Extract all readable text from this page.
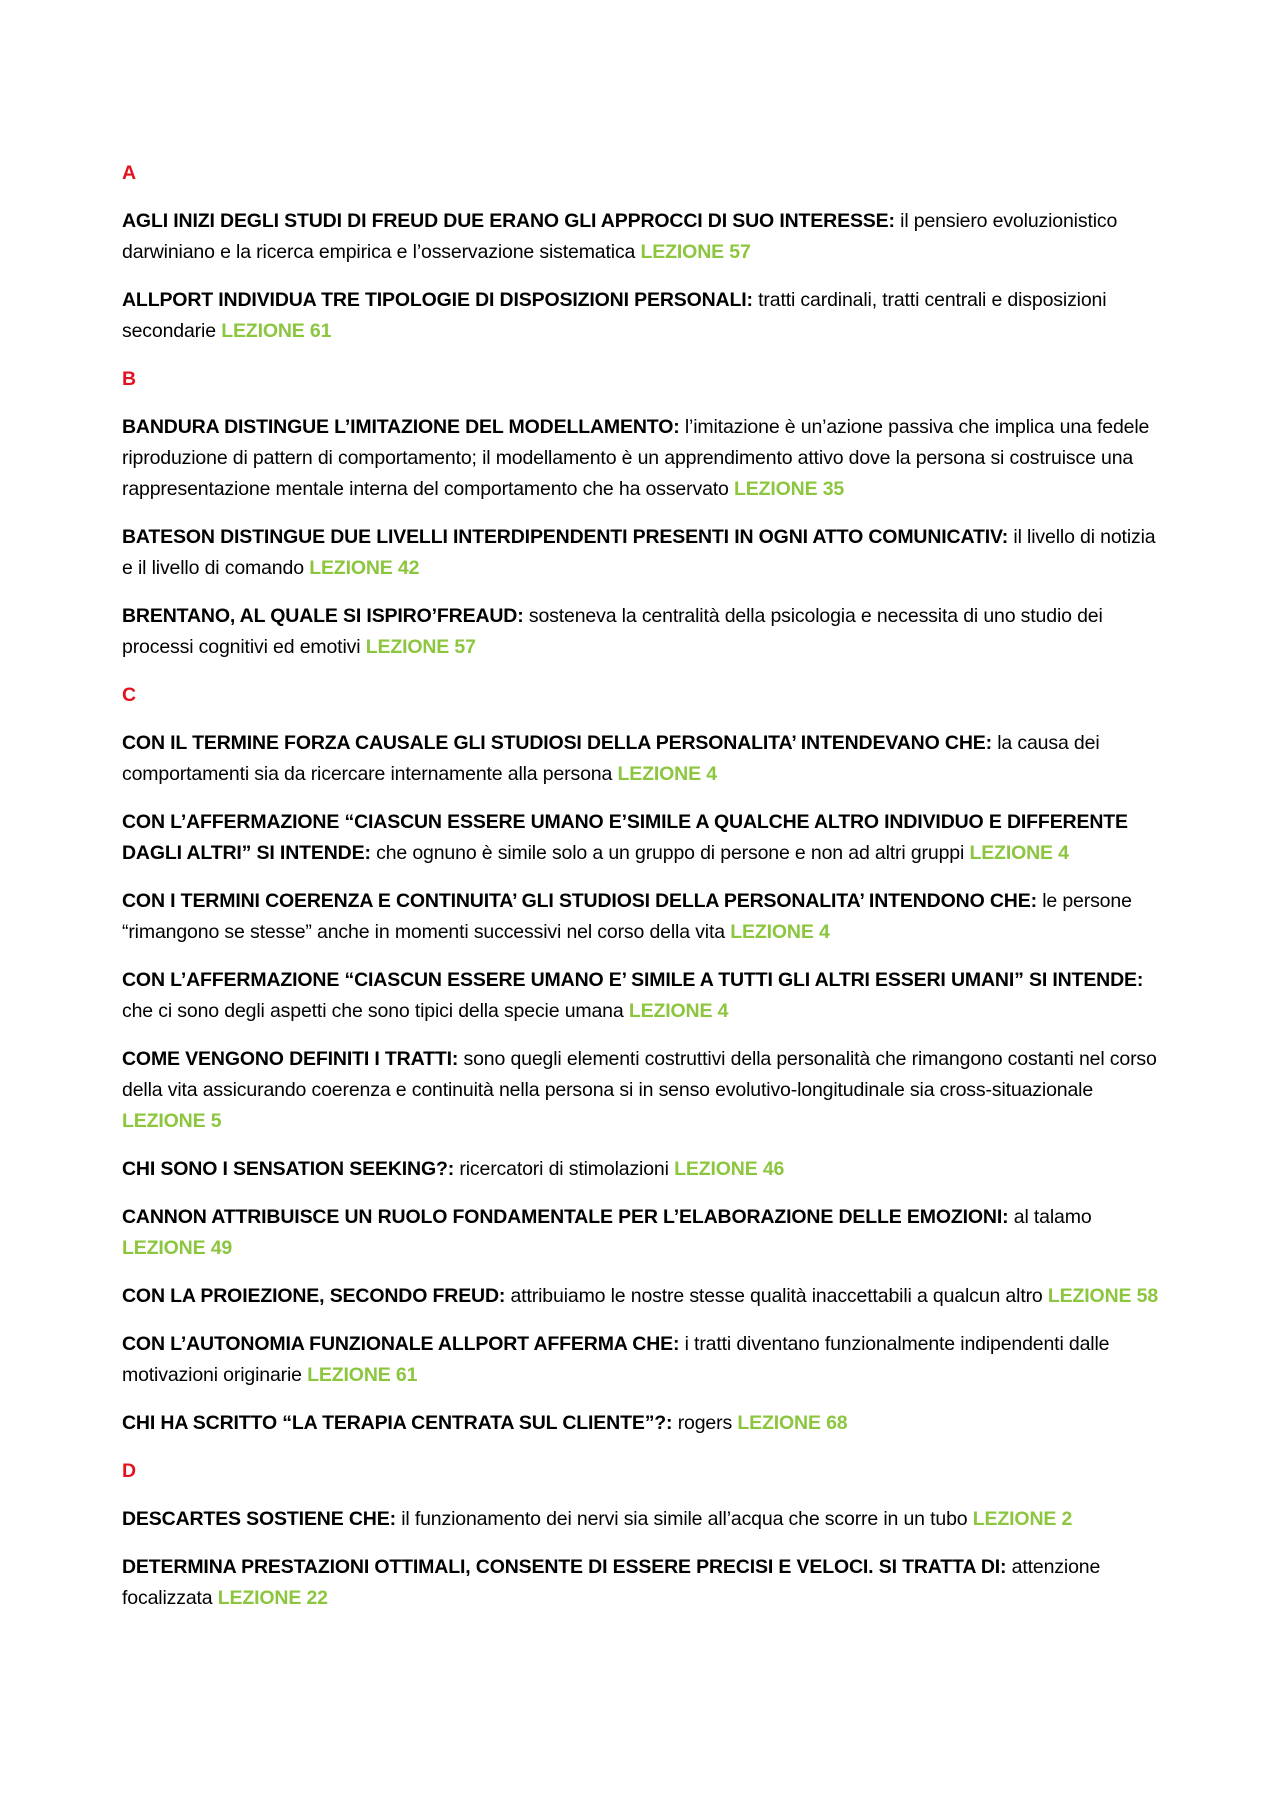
A
AGLI INIZI DEGLI STUDI DI FREUD DUE ERANO GLI APPROCCI DI SUO INTERESSE: il pensiero evoluzionistico darwiniano e la ricerca empirica e l’osservazione sistematica LEZIONE 57
ALLPORT INDIVIDUA TRE TIPOLOGIE DI DISPOSIZIONI PERSONALI: tratti cardinali, tratti centrali e disposizioni secondarie LEZIONE 61
B
BANDURA DISTINGUE L’IMITAZIONE DEL MODELLAMENTO: l’imitazione è un’azione passiva che implica una fedele riproduzione di pattern di comportamento; il modellamento è un apprendimento attivo dove la persona si costruisce una rappresentazione mentale interna del comportamento che ha osservato LEZIONE 35
BATESON DISTINGUE DUE LIVELLI INTERDIPENDENTI PRESENTI IN OGNI ATTO COMUNICATIV: il livello di notizia e il livello di comando LEZIONE 42
BRENTANO, AL QUALE SI ISPIRO’FREAUD: sosteneva la centralità della psicologia e necessita di uno studio dei processi cognitivi ed emotivi LEZIONE 57
C
CON IL TERMINE FORZA CAUSALE GLI STUDIOSI DELLA PERSONALITA’ INTENDEVANO CHE: la causa dei comportamenti sia da ricercare internamente alla persona LEZIONE 4
CON L’AFFERMAZIONE “CIASCUN ESSERE UMANO E’SIMILE A QUALCHE ALTRO INDIVIDUO E DIFFERENTE DAGLI ALTRI” SI INTENDE: che ognuno è simile solo a un gruppo di persone e non ad altri gruppi LEZIONE 4
CON I TERMINI COERENZA E CONTINUITA’ GLI STUDIOSI DELLA PERSONALITA’ INTENDONO CHE: le persone “rimangono se stesse” anche in momenti successivi nel corso della vita LEZIONE 4
CON L’AFFERMAZIONE “CIASCUN ESSERE UMANO E’ SIMILE A TUTTI GLI ALTRI ESSERI UMANI” SI INTENDE: che ci sono degli aspetti che sono tipici della specie umana LEZIONE 4
COME VENGONO DEFINITI I TRATTI: sono quegli elementi costruttivi della personalità che rimangono costanti nel corso della vita assicurando coerenza e continuità nella persona si in senso evolutivo-longitudinale sia cross-situazionale LEZIONE 5
CHI SONO I SENSATION SEEKING?: ricercatori di stimolazioni LEZIONE 46
CANNON ATTRIBUISCE UN RUOLO FONDAMENTALE PER L’ELABORAZIONE DELLE EMOZIONI: al talamo LEZIONE 49
CON LA PROIEZIONE, SECONDO FREUD: attribuiamo le nostre stesse qualità inaccettabili a qualcun altro LEZIONE 58
CON L’AUTONOMIA FUNZIONALE ALLPORT AFFERMA CHE: i tratti diventano funzionalmente indipendenti dalle motivazioni originarie LEZIONE 61
CHI HA SCRITTO “LA TERAPIA CENTRATA SUL CLIENTE”?: rogers LEZIONE 68
D
DESCARTES SOSTIENE CHE: il funzionamento dei nervi sia simile all’acqua che scorre in un tubo LEZIONE 2
DETERMINA PRESTAZIONI OTTIMALI, CONSENTE DI ESSERE PRECISI E VELOCI. SI TRATTA DI: attenzione focalizzata LEZIONE 22
